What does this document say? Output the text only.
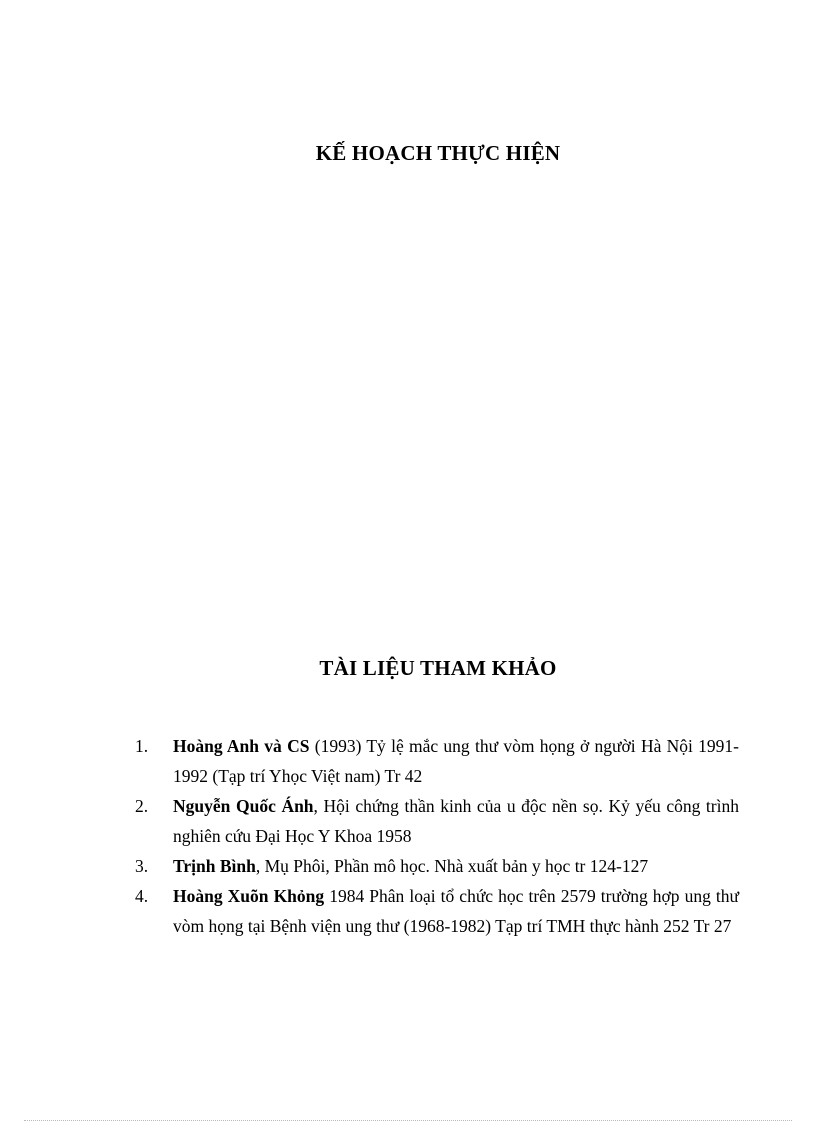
KẾ HOẠCH THỰC HIỆN
TÀI LIỆU THAM KHẢO
1. Hoàng Anh và CS (1993) Tỷ lệ mắc ung thư vòm họng ở người Hà Nội 1991-1992 (Tạp trí Yhọc Việt nam) Tr 42
2. Nguyễn Quốc Ánh, Hội chứng thần kinh của u độc nền sọ. Kỷ yếu công trình nghiên cứu Đại Học Y Khoa 1958
3. Trịnh Bình, Mụ Phôi, Phần mô học. Nhà xuất bản y học tr 124-127
4. Hoàng Xuõn Khỏng 1984 Phân loại tổ chức học trên 2579 trường hợp ung thư vòm họng tại Bệnh viện ung thư (1968-1982) Tạp trí TMH thực hành 252 Tr 27
